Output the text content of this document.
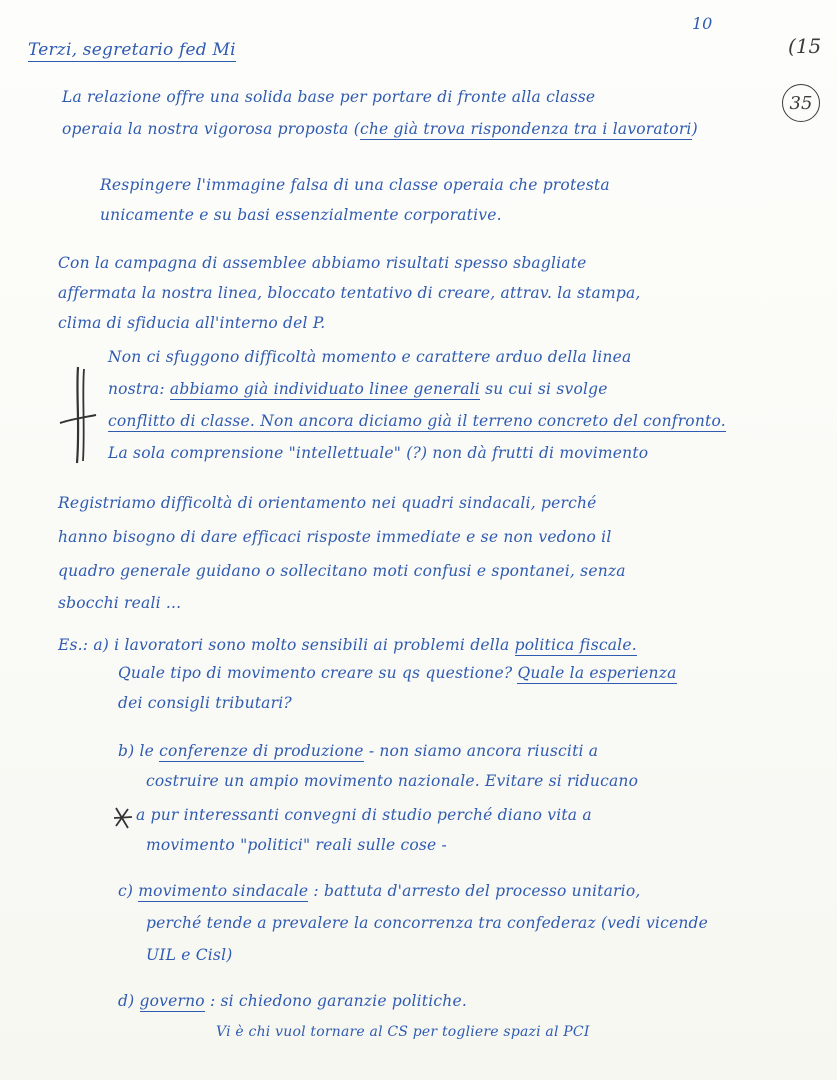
10
(15
35
Terzi, segretario fed Mi
La relazione offre una solida base per portare di fronte alla classe
operaia la nostra vigorosa proposta (che già trova rispondenza tra i lavoratori)
Respingere l'immagine falsa di una classe operaia che protesta
unicamente e su basi essenzialmente corporative.
Con la campagna di assemblee abbiamo risultati spesso sbagliate
affermata la nostra linea, bloccato tentativo di creare, attrav. la stampa,
clima di sfiducia all'interno del P.
Non ci sfuggono difficoltà momento e carattere arduo della linea
nostra: abbiamo già individuato linee generali su cui si svolge
conflitto di classe. Non ancora diciamo già il terreno concreto del confronto.
La sola comprensione "intellettuale" (?) non dà frutti di movimento
Registriamo difficoltà di orientamento nei quadri sindacali, perché
hanno bisogno di dare efficaci risposte immediate e se non vedono il
quadro generale guidano o sollecitano moti confusi e spontanei, senza
sbocchi reali ...
Es.: a) i lavoratori sono molto sensibili ai problemi della politica fiscale.
Quale tipo di movimento creare su qs questione? Quale la esperienza
dei consigli tributari?
b) le conferenze di produzione - non siamo ancora riusciti a
costruire un ampio movimento nazionale. Evitare si riducano
a pur interessanti convegni di studio perché diano vita a
movimento "politici" reali sulle cose -
c) movimento sindacale : battuta d'arresto del processo unitario,
perché tende a prevalere la concorrenza tra confederaz (vedi vicende
UIL e Cisl)
d) governo : si chiedono garanzie politiche.
Vi è chi vuol tornare al CS per togliere spazi al PCI
